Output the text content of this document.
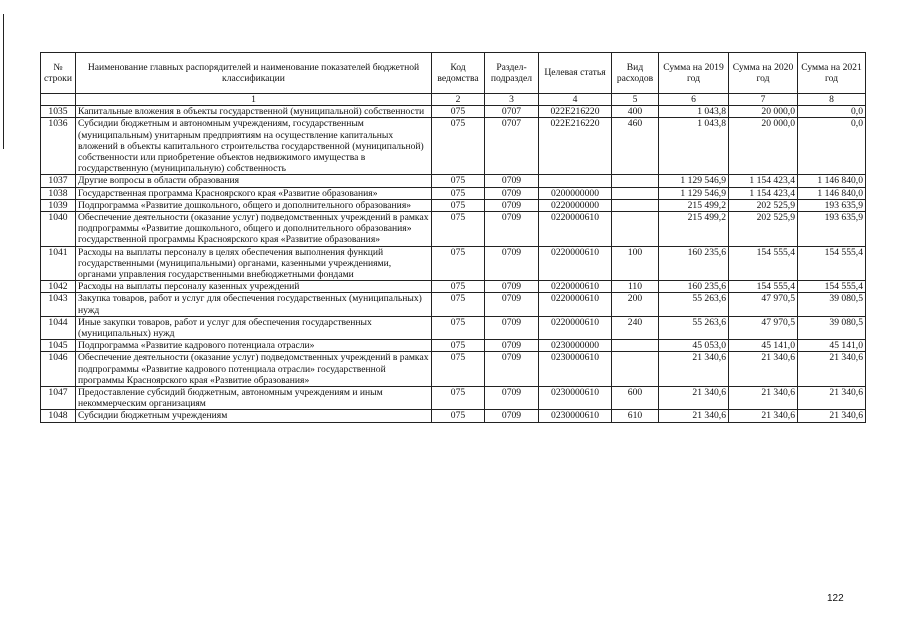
№ строки	Наименование главных распорядителей и наименование показателей бюджетной классификации	Код ведомства	Раздел-подраздел	Целевая статья	Вид расходов	Сумма на 2019 год	Сумма на 2020 год	Сумма на 2021 год
	1	2	3	4	5	6	7	8
1035	Капитальные вложения в объекты государственной (муниципальной) собственности	075	0707	022E216220	400	1 043,8	20 000,0	0,0
1036	Субсидии бюджетным и автономным учреждениям, государственным (муниципальным) унитарным предприятиям на осуществление капитальных вложений в объекты капитального строительства государственной (муниципальной) собственности или приобретение объектов недвижимого имущества в государственную (муниципальную) собственность	075	0707	022E216220	460	1 043,8	20 000,0	0,0
1037	Другие вопросы в области образования	075	0709			1 129 546,9	1 154 423,4	1 146 840,0
1038	Государственная программа Красноярского края «Развитие образования»	075	0709	0200000000		1 129 546,9	1 154 423,4	1 146 840,0
1039	Подпрограмма «Развитие дошкольного, общего и дополнительного образования»	075	0709	0220000000		215 499,2	202 525,9	193 635,9
1040	Обеспечение деятельности (оказание услуг) подведомственных учреждений в рамках подпрограммы «Развитие дошкольного, общего и дополнительного образования» государственной программы Красноярского края «Развитие образования»	075	0709	0220000610		215 499,2	202 525,9	193 635,9
1041	Расходы на выплаты персоналу в целях обеспечения выполнения функций государственными (муниципальными) органами, казенными учреждениями, органами управления государственными внебюджетными фондами	075	0709	0220000610	100	160 235,6	154 555,4	154 555,4
1042	Расходы на выплаты персоналу казенных учреждений	075	0709	0220000610	110	160 235,6	154 555,4	154 555,4
1043	Закупка товаров, работ и услуг для обеспечения государственных (муниципальных) нужд	075	0709	0220000610	200	55 263,6	47 970,5	39 080,5
1044	Иные закупки товаров, работ и услуг для обеспечения государственных (муниципальных) нужд	075	0709	0220000610	240	55 263,6	47 970,5	39 080,5
1045	Подпрограмма «Развитие кадрового потенциала отрасли»	075	0709	0230000000		45 053,0	45 141,0	45 141,0
1046	Обеспечение деятельности (оказание услуг) подведомственных учреждений в рамках подпрограммы «Развитие кадрового потенциала отрасли» государственной программы Красноярского края «Развитие образования»	075	0709	0230000610		21 340,6	21 340,6	21 340,6
1047	Предоставление субсидий бюджетным, автономным учреждениям и иным некоммерческим организациям	075	0709	0230000610	600	21 340,6	21 340,6	21 340,6
1048	Субсидии бюджетным учреждениям	075	0709	0230000610	610	21 340,6	21 340,6	21 340,6
122
